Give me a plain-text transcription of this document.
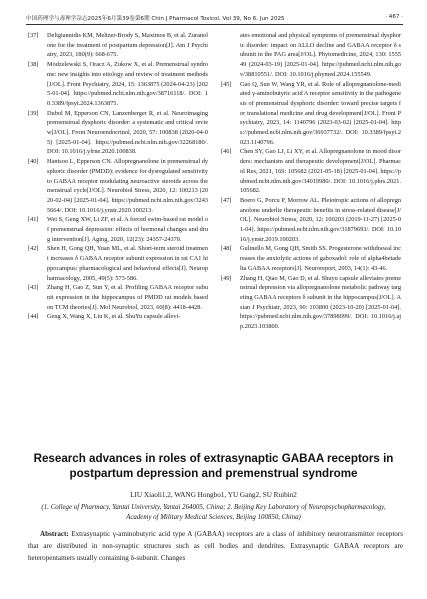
中国药理学与毒理学杂志2025年6月第39卷第6期 Chin J Pharmacol Toxicol, Vol 39, No 6, Jun 2025	· 467 ·
[37] Deligiannidis KM, Meltzer-Brody S, Maximos B, et al. Zuranolone for the treatment of postpartum depression[J]. Am J Psychiatry, 2023, 180(9): 668-675.
[38] Modzelewski S, Oracz A, Zukow X, et al. Premenstrual syndrome: new insights into etiology and review of treatment methods[J/OL]. Front Psychiatry, 2024, 15: 1363875 (2024-04-23) [2025-01-04]. https://pubmed.ncbi.nlm.nih.gov/38716118/. DOI: 10.3389/fpsyt.2024.1363875.
[39] Dubol M, Epperson CN, Lanzenberger R, et al. Neuroimaging premenstrual dysphoric disorder: a systematic and critical review[J/OL]. Front Neuroendocrinol, 2020, 57: 100838 (2020-04-05) [2025-01-04]. https://pubmed.ncbi.nlm.nih.gov/32268180/. DOI: 10.1016/j.yfrne.2020.100838.
[40] Hantsoo L, Epperson CN. Allopregnanolone in premenstrual dysphoric disorder (PMDD): evidence for dysregulated sensitivity to GABAA receptor modulating neuroactive steroids across the menstrual cycle[J/OL]. Neurobiol Stress, 2020, 12: 100213 (2020-02-04) [2025-01-04]. https://pubmed.ncbi.nlm.nih.gov/32435664/. DOI: 10.1016/j.ynstr.2020.100213.
[41] Wei S, Geng XW, Li ZF, et al. A forced swim-based rat model of premenstrual depression: effects of hormonal changes and drug intervention[J]. Aging, 2020, 12(23): 24357-24370.
[42] Shen H, Gong QH, Yuan ML, et al. Short-term steroid treatment increases δ GABAA receptor subunit expression in rat CA1 hippocampus: pharmacological and behavioral effects[J]. Neuropharmacology, 2005, 49(5): 573-586.
[43] Zhang H, Gao Z, Sun Y, et al. Profiling GABAA receptor subunit expression in the hippocampus of PMDD rat models based on TCM theories[J]. Mol Neurobiol, 2023, 60(8): 4418-4428.
[44] Geng X, Wang X, Liu K, et al. ShuYu capsule allevi-
ates emotional and physical symptoms of premenstrual dysphoric disorder: impact on ALLO decline and GABAA receptor δ subunit in the PAG area[J/OL]. Phytomedicine, 2024, 130: 155549 (2024-03-19) [2025-01-04]. https://pubmed.ncbi.nlm.nih.gov/38810551/. DOI: 10.1016/j.phymed.2024.155549.
[45] Gao Q, Sun W, Wang YR, et al. Role of allopregnanolone-mediated γ-aminobutyric acid A receptor sensitivity in the pathogenesis of premenstrual dysphoric disorder: toward precise targets for translational medicine and drug development[J/OL]. Front Psychiatry, 2023, 14: 1140796 (2023-03-02) [2025-01-04]. https://pubmed.ncbi.nlm.nih.gov/36937732/. DOI: 10.3389/fpsyt.2023.1140796.
[46] Chen SY, Gao LJ, Li XY, et al. Allopregnanolone in mood disorders: mechanism and therapeutic development[J/OL]. Pharmacol Res, 2021, 169: 105682 (2021-05-18) [2025-01-04]. https://pubmed.ncbi.nlm.nih.gov/34019980/. DOI: 10.1016/j.phrs.2021.105682.
[47] Boero G, Porcu P, Morrow AL. Pleiotropic actions of allopregnanolone underlie therapeutic benefits in stress-related disease[J/OL]. Neurobiol Stress, 2020, 12: 100203 (2019-11-27) [2025-01-04]. https://pubmed.ncbi.nlm.nih.gov/31879693/. DOI: 10.1016/j.ynstr.2019.100203.
[48] Gulinello M, Gong QH, Smith SS. Progesterone withdrawal increases the anxiolytic actions of gaboxadol: role of alpha4betadelta GABAA receptors[J]. Neuroreport, 2003, 14(1): 43-46.
[49] Zhang H, Qiao M, Gao D, et al. Shuyu capsule alleviates premenstrual depression via allopregnanolone metabolic pathway targeting GABAA receptors δ subunit in the hippocampus[J/OL]. Asian J Psychiatr, 2023, 90: 103800 (2023-10-20) [2025-01-04]. https://pubmed.ncbi.nlm.nih.gov/37898099/. DOI: 10.1016/j.ajp.2023.103800.
Research advances in roles of extrasynaptic GABAA receptors in
postpartum depression and premenstrual syndrome
LIU Xiaoli1,2, WANG Hongbo1, YU Gang2, SU Ruibin2
(1. College of Pharmacy, Yantai University, Yantai 264005, China; 2. Beijing Key Laboratory of Neuropsychopharmacology, Academy of Military Medical Sciences, Beijing 100850, China)
Abstract: Extrasynaptic γ-aminobutyric acid type A (GABAA) receptors are a class of inhibitory neurotransmitter receptors that are distributed in non-synaptic structures such as cell bodies and dendrites. Extrasynaptic GABAA receptors are heteropentamers usually containing δ-subunit. Changes
